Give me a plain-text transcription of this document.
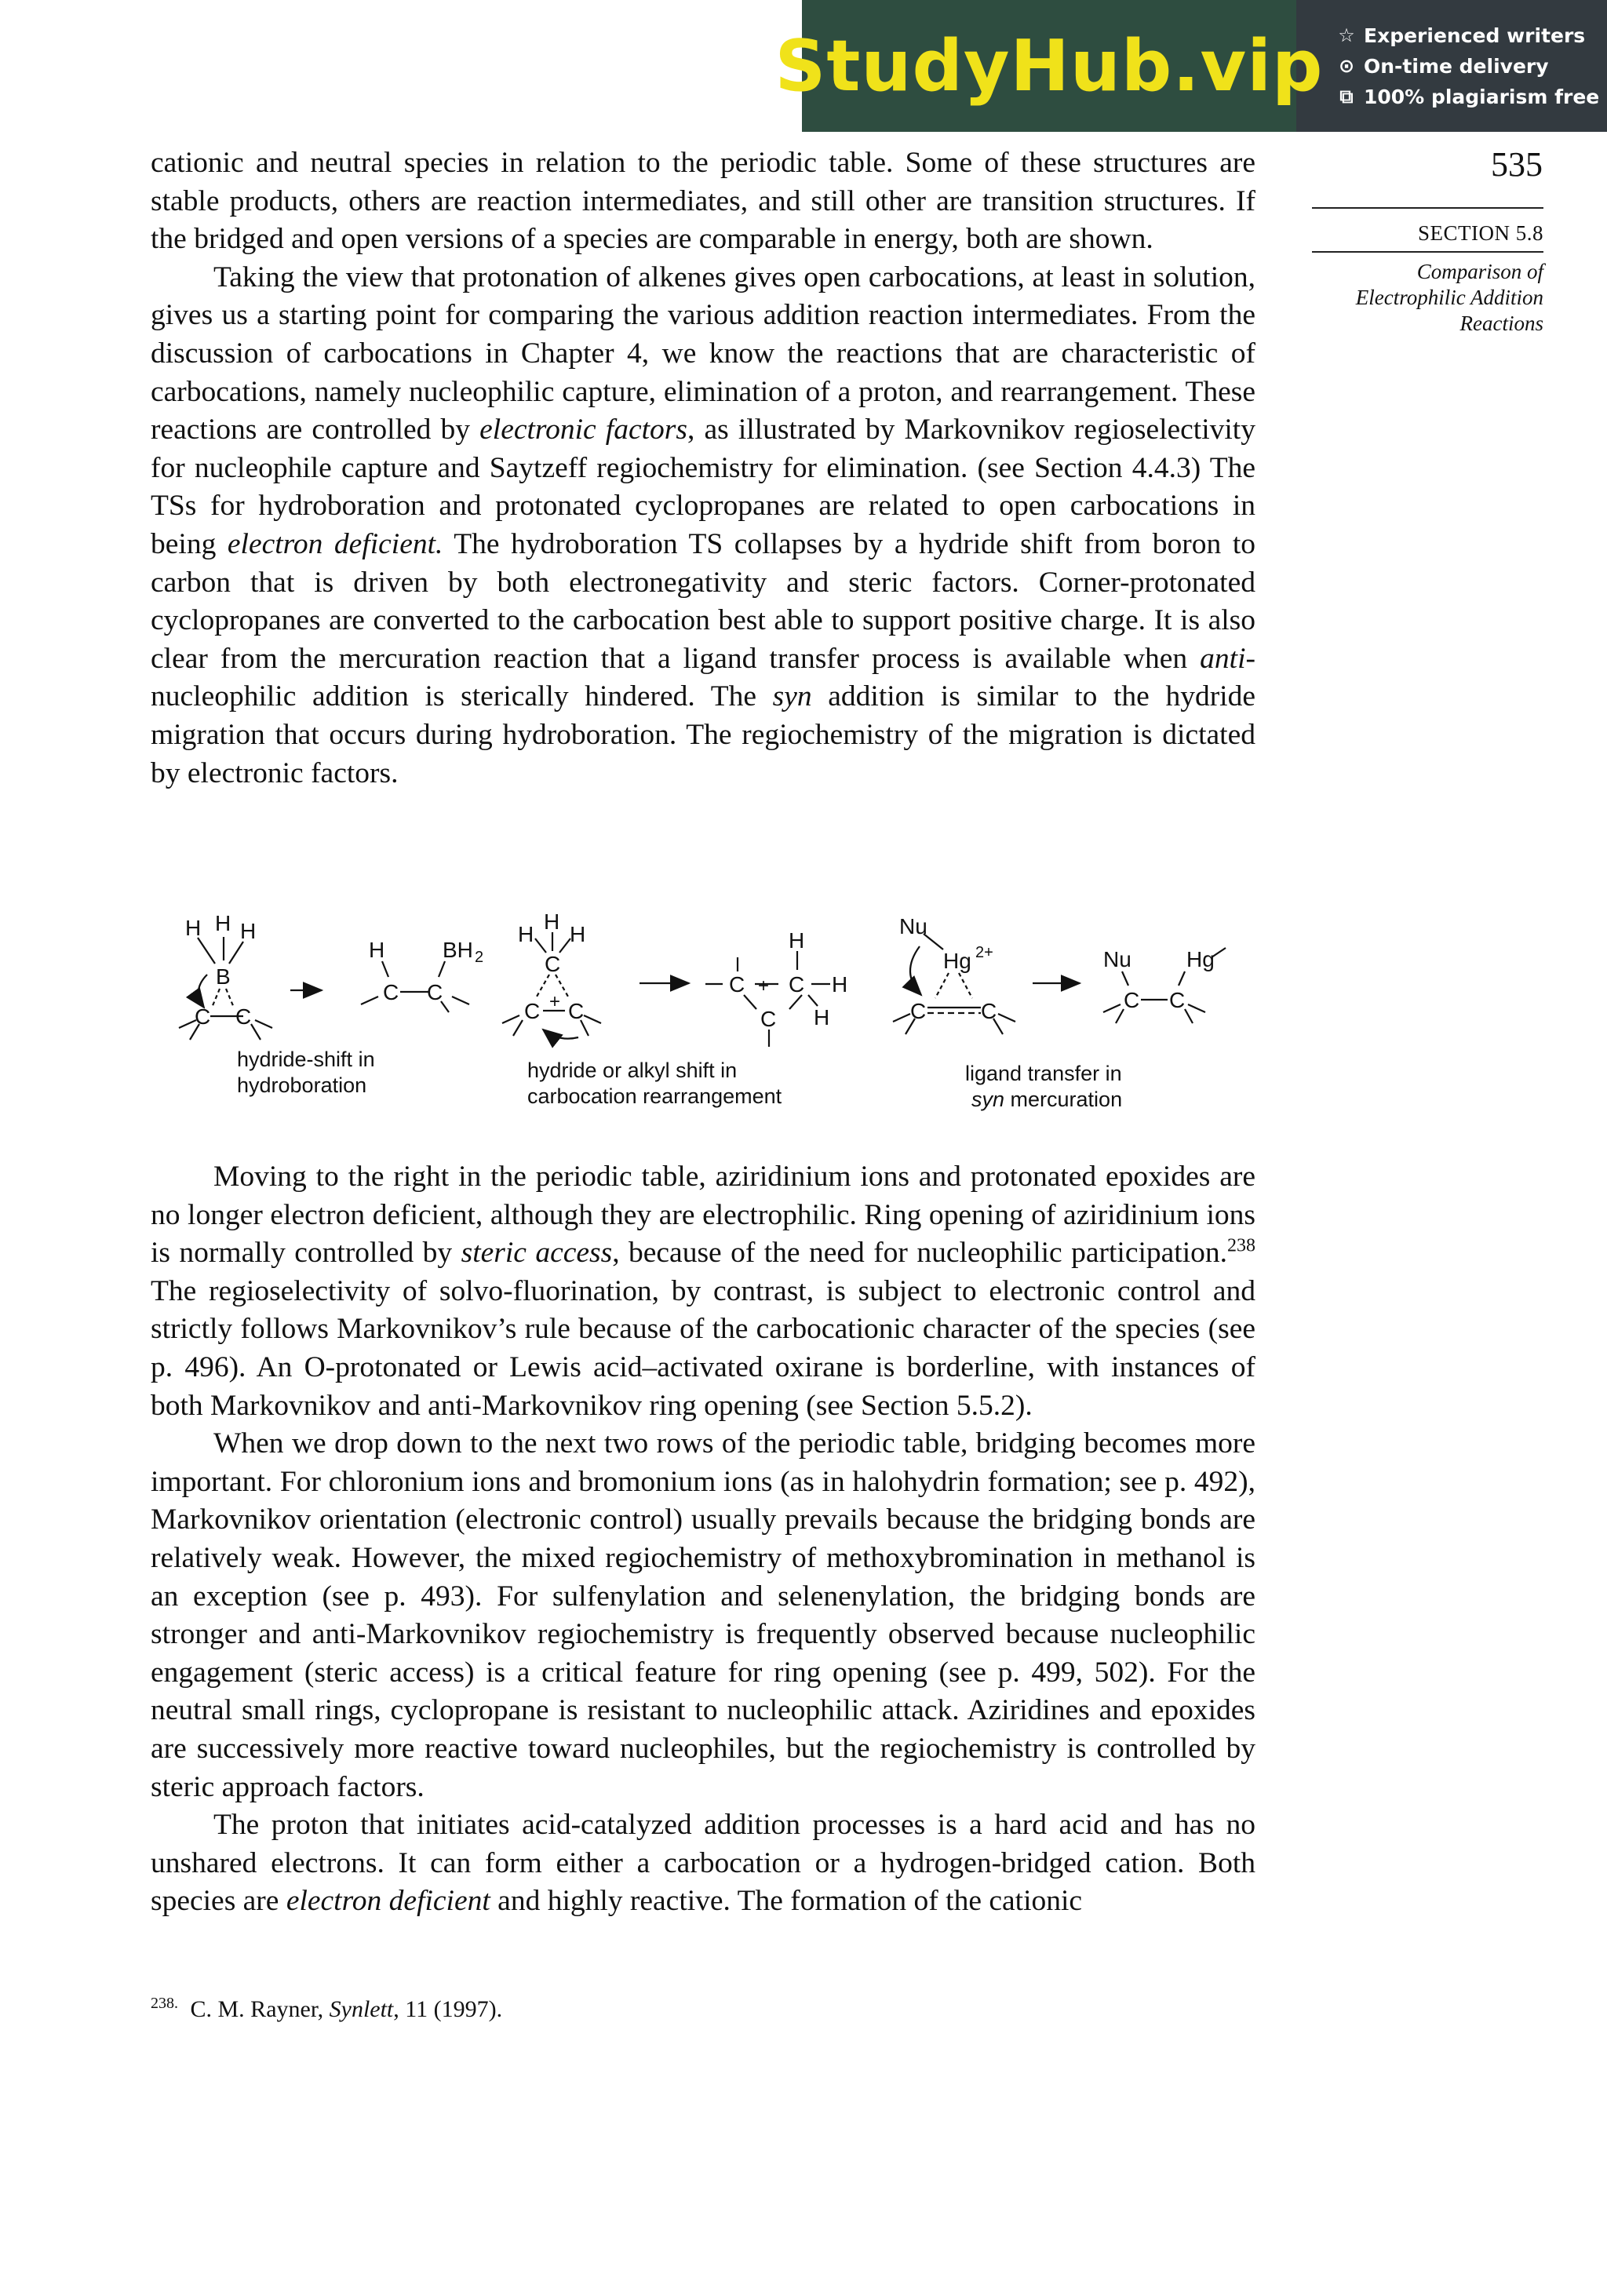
StudyHub.vip ☆ Experienced writers
⊙ On-time delivery
⧉ 100% plagiarism free
535
SECTION 5.8
Comparison of
Electrophilic Addition
Reactions

cationic and neutral species in relation to the periodic table. Some of these structures are stable products, others are reaction intermediates, and still other are transition structures. If the bridged and open versions of a species are comparable in energy, both are shown.

Taking the view that protonation of alkenes gives open carbocations, at least in solution, gives us a starting point for comparing the various addition reaction intermediates. From the discussion of carbocations in Chapter 4, we know the reactions that are characteristic of carbocations, namely nucleophilic capture, elimination of a proton, and rearrangement. These reactions are controlled by electronic factors, as illustrated by Markovnikov regioselectivity for nucleophile capture and Saytzeff regiochemistry for elimination. (see Section 4.4.3) The TSs for hydroboration and protonated cyclopropanes are related to open carbocations in being electron deficient. The hydroboration TS collapses by a hydride shift from boron to carbon that is driven by both electronegativity and steric factors. Corner-protonated cyclopropanes are converted to the carbocation best able to support positive charge. It is also clear from the mercuration reaction that a ligand transfer process is available when anti-nucleophilic addition is sterically hindered. The syn addition is similar to the hydride migration that occurs during hydroboration. The regiochemistry of the migration is dictated by electronic factors.

H H H
B
C C
H	BH 2
C C
H
H H
C
+
C C
C +
H
C H
C H
Nu
Hg 2+
C C
Nu	Hg
C C
hydride-shift in
hydroboration
hydride or alkyl shift in
carbocation rearrangement
ligand transfer in
syn mercuration

Moving to the right in the periodic table, aziridinium ions and protonated epoxides are no longer electron deficient, although they are electrophilic. Ring opening of aziridinium ions is normally controlled by steric access, because of the need for nucleophilic participation.$^{238}$ The regioselectivity of solvo-fluorination, by contrast, is subject to electronic control and strictly follows Markovnikov’s rule because of the carbocationic character of the species (see p. 496). An O-protonated or Lewis acid–activated oxirane is borderline, with instances of both Markovnikov and anti-Markovnikov ring opening (see Section 5.5.2).

When we drop down to the next two rows of the periodic table, bridging becomes more important. For chloronium ions and bromonium ions (as in halohydrin formation; see p. 492), Markovnikov orientation (electronic control) usually prevails because the bridging bonds are relatively weak. However, the mixed regiochemistry of methoxybromination in methanol is an exception (see p. 493). For sulfenylation and selenenylation, the bridging bonds are stronger and anti-Markovnikov regiochemistry is frequently observed because nucleophilic engagement (steric access) is a critical feature for ring opening (see p. 499, 502). For the neutral small rings, cyclopropane is resistant to nucleophilic attack. Aziridines and epoxides are successively more reactive toward nucleophiles, but the regiochemistry is controlled by steric approach factors.

The proton that initiates acid-catalyzed addition processes is a hard acid and has no unshared electrons. It can form either a carbocation or a hydrogen-bridged cation. Both species are electron deficient and highly reactive. The formation of the cationic

$^{238.}$ C. M. Rayner, Synlett, 11 (1997).
